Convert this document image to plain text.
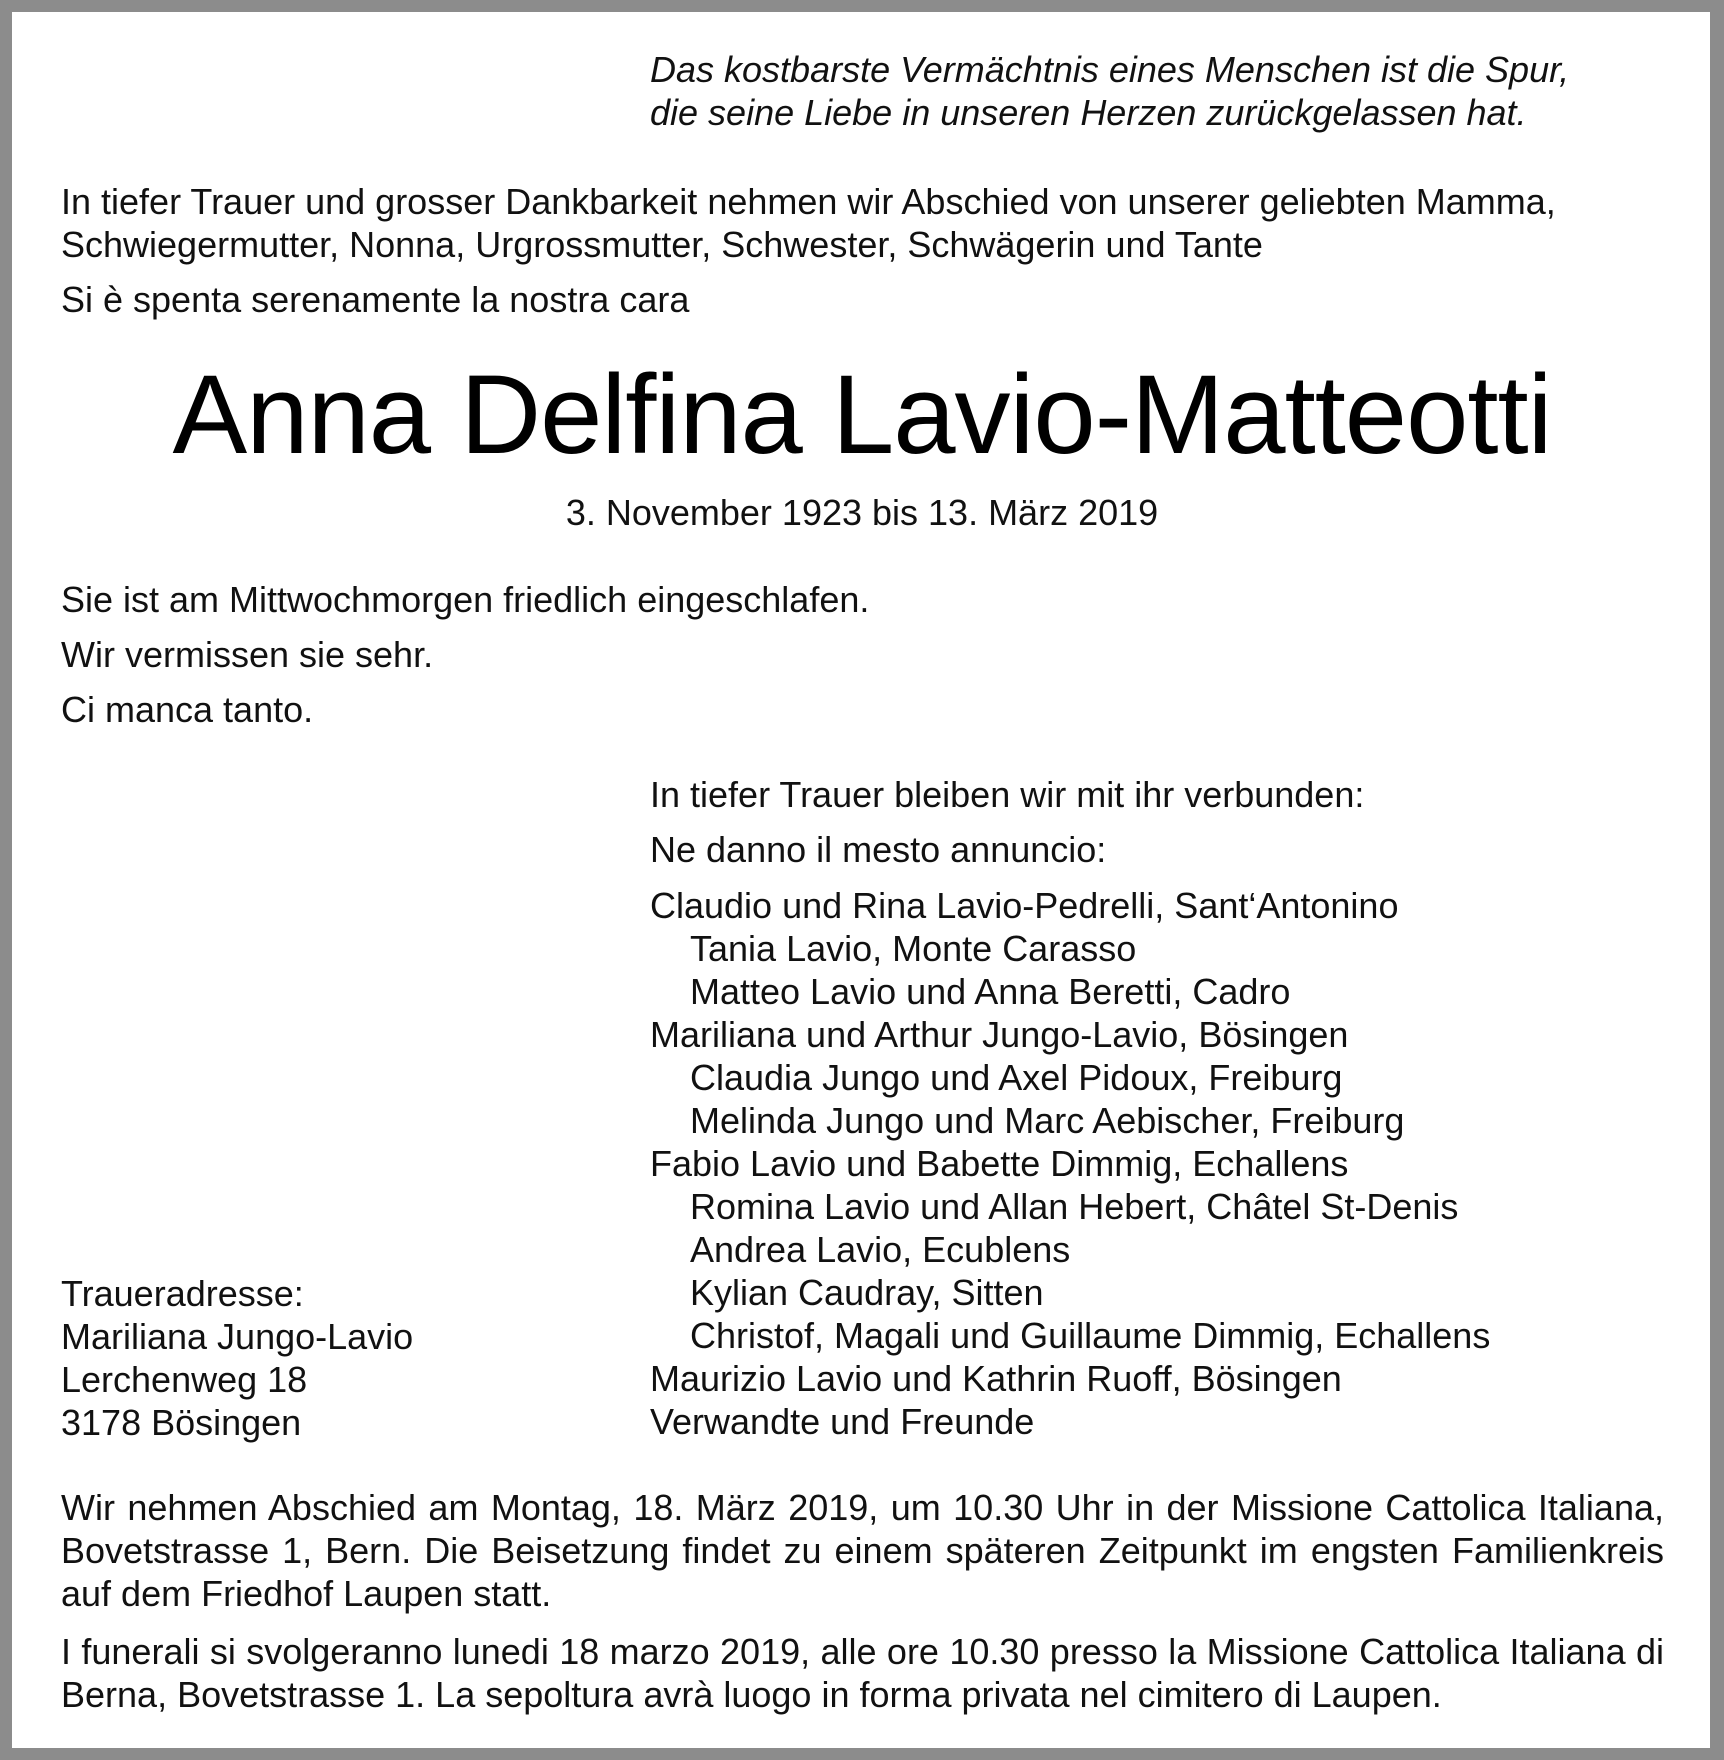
Das kostbarste Vermächtnis eines Menschen ist die Spur,
die seine Liebe in unseren Herzen zurückgelassen hat.
In tiefer Trauer und grosser Dankbarkeit nehmen wir Abschied von unserer geliebten Mamma,
Schwiegermutter, Nonna, Urgrossmutter, Schwester, Schwägerin und Tante
Si è spenta serenamente la nostra cara
Anna Delfina Lavio-Matteotti
3. November 1923 bis 13. März 2019
Sie ist am Mittwochmorgen friedlich eingeschlafen.
Wir vermissen sie sehr.
Ci manca tanto.
In tiefer Trauer bleiben wir mit ihr verbunden:
Ne danno il mesto annuncio:
Claudio und Rina Lavio-Pedrelli, Sant‘Antonino
Tania Lavio, Monte Carasso
Matteo Lavio und Anna Beretti, Cadro
Mariliana und Arthur Jungo-Lavio, Bösingen
Claudia Jungo und Axel Pidoux, Freiburg
Melinda Jungo und Marc Aebischer, Freiburg
Fabio Lavio und Babette Dimmig, Echallens
Romina Lavio und Allan Hebert, Châtel St-Denis
Andrea Lavio, Ecublens
Kylian Caudray, Sitten
Christof, Magali und Guillaume Dimmig, Echallens
Maurizio Lavio und Kathrin Ruoff, Bösingen
Verwandte und Freunde
Traueradresse:
Mariliana Jungo-Lavio
Lerchenweg 18
3178 Bösingen
Wir nehmen Abschied am Montag, 18. März 2019, um 10.30 Uhr in der Missione Cattolica Italiana, Bovetstrasse 1, Bern. Die Beisetzung findet zu einem späteren Zeitpunkt im engsten Familienkreis auf dem Friedhof Laupen statt.
I funerali si svolgeranno lunedi 18 marzo 2019, alle ore 10.30 presso la Missione Cattolica Italiana di Berna, Bovetstrasse 1. La sepoltura avrà luogo in forma privata nel cimitero di Laupen.
